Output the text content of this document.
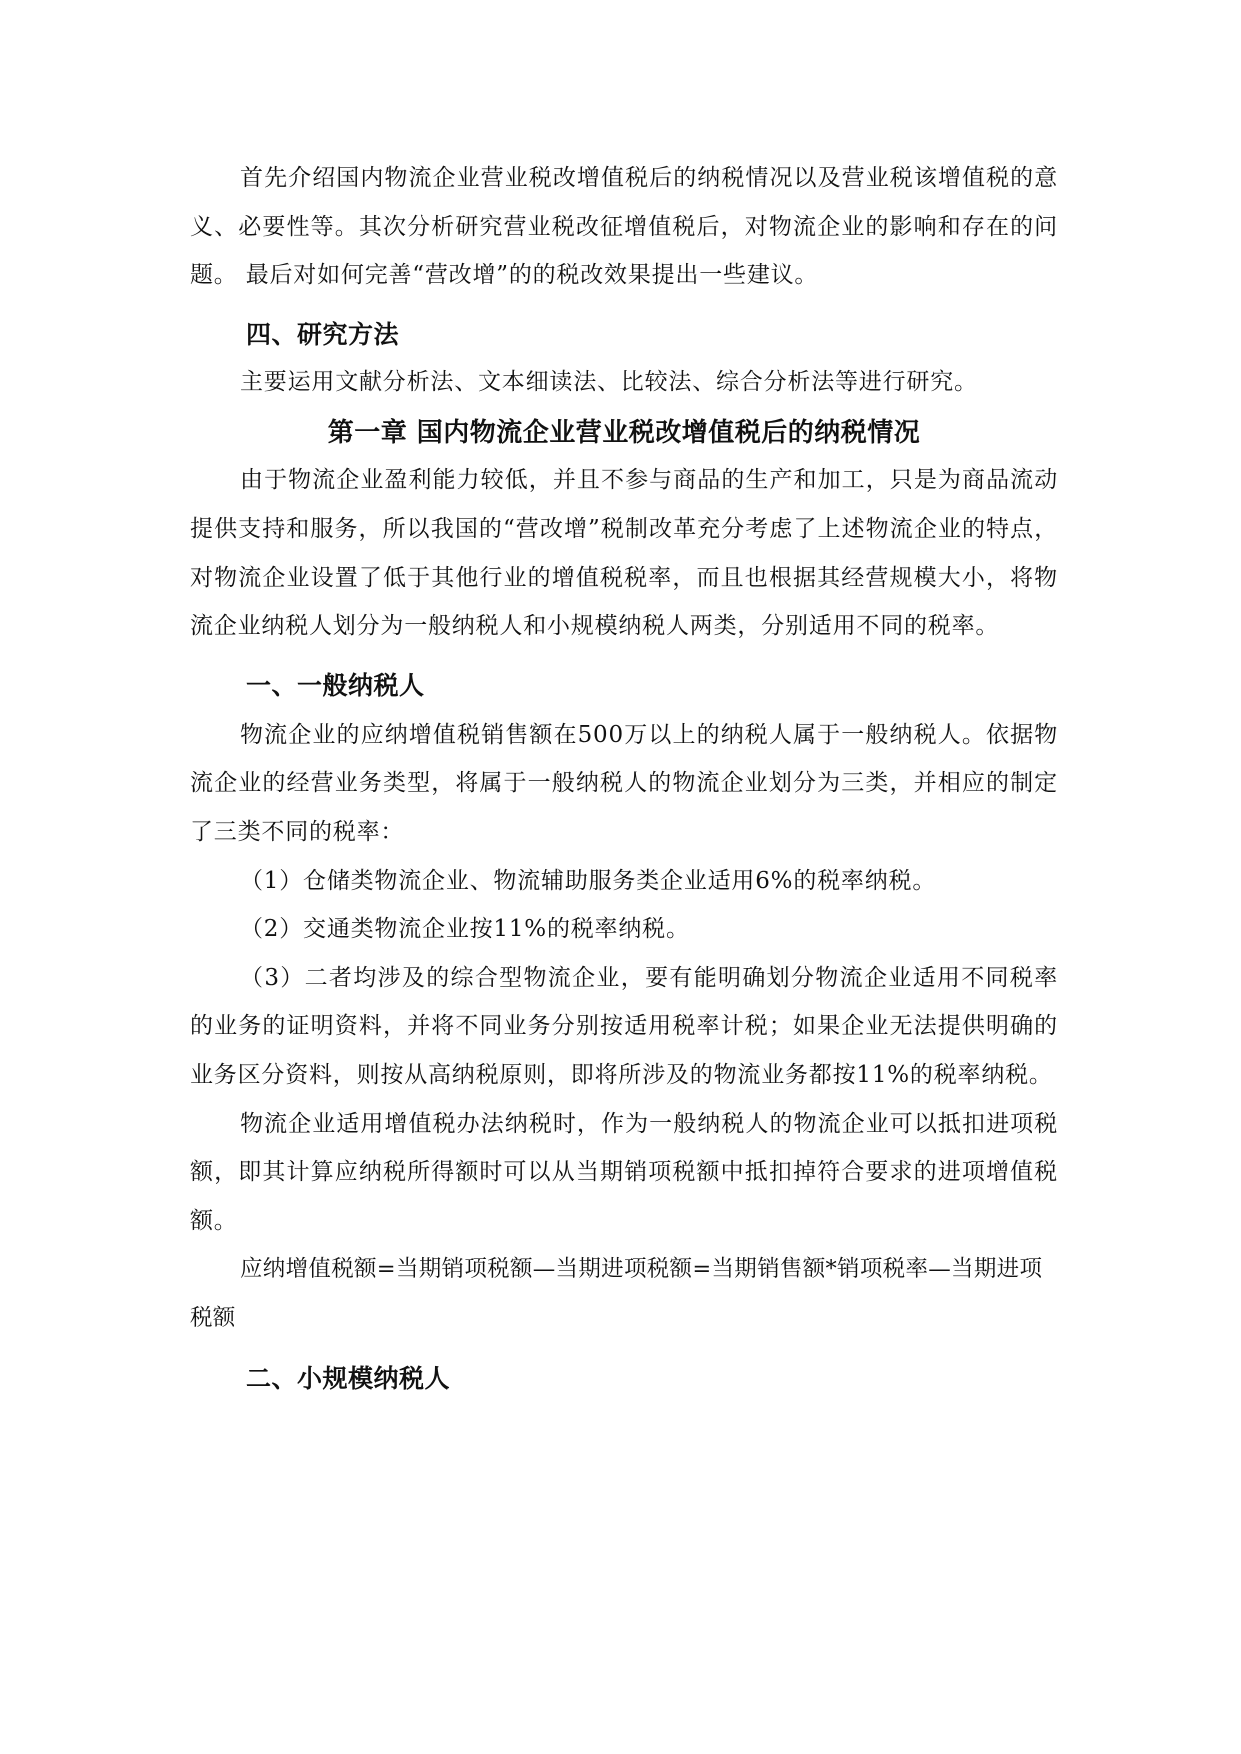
首先介绍国内物流企业营业税改增值税后的纳税情况以及营业税该增值税的意义、必要性等。其次分析研究营业税改征增值税后，对物流企业的影响和存在的问题。 最后对如何完善“营改增”的的税改效果提出一些建议。

四、研究方法

主要运用文献分析法、文本细读法、比较法、综合分析法等进行研究。

第一章 国内物流企业营业税改增值税后的纳税情况

由于物流企业盈利能力较低，并且不参与商品的生产和加工，只是为商品流动提供支持和服务，所以我国的“营改增”税制改革充分考虑了上述物流企业的特点，对物流企业设置了低于其他行业的增值税税率，而且也根据其经营规模大小，将物流企业纳税人划分为一般纳税人和小规模纳税人两类，分别适用不同的税率。

一、一般纳税人

物流企业的应纳增值税销售额在500万以上的纳税人属于一般纳税人。依据物流企业的经营业务类型，将属于一般纳税人的物流企业划分为三类，并相应的制定了三类不同的税率：

（1）仓储类物流企业、物流辅助服务类企业适用6%的税率纳税。

（2）交通类物流企业按11%的税率纳税。

（3）二者均涉及的综合型物流企业，要有能明确划分物流企业适用不同税率的业务的证明资料，并将不同业务分别按适用税率计税；如果企业无法提供明确的业务区分资料，则按从高纳税原则，即将所涉及的物流业务都按11%的税率纳税。

物流企业适用增值税办法纳税时，作为一般纳税人的物流企业可以抵扣进项税额，即其计算应纳税所得额时可以从当期销项税额中抵扣掉符合要求的进项增值税额。

应纳增值税额=当期销项税额—当期进项税额=当期销售额*销项税率—当期进项税额

二、小规模纳税人
